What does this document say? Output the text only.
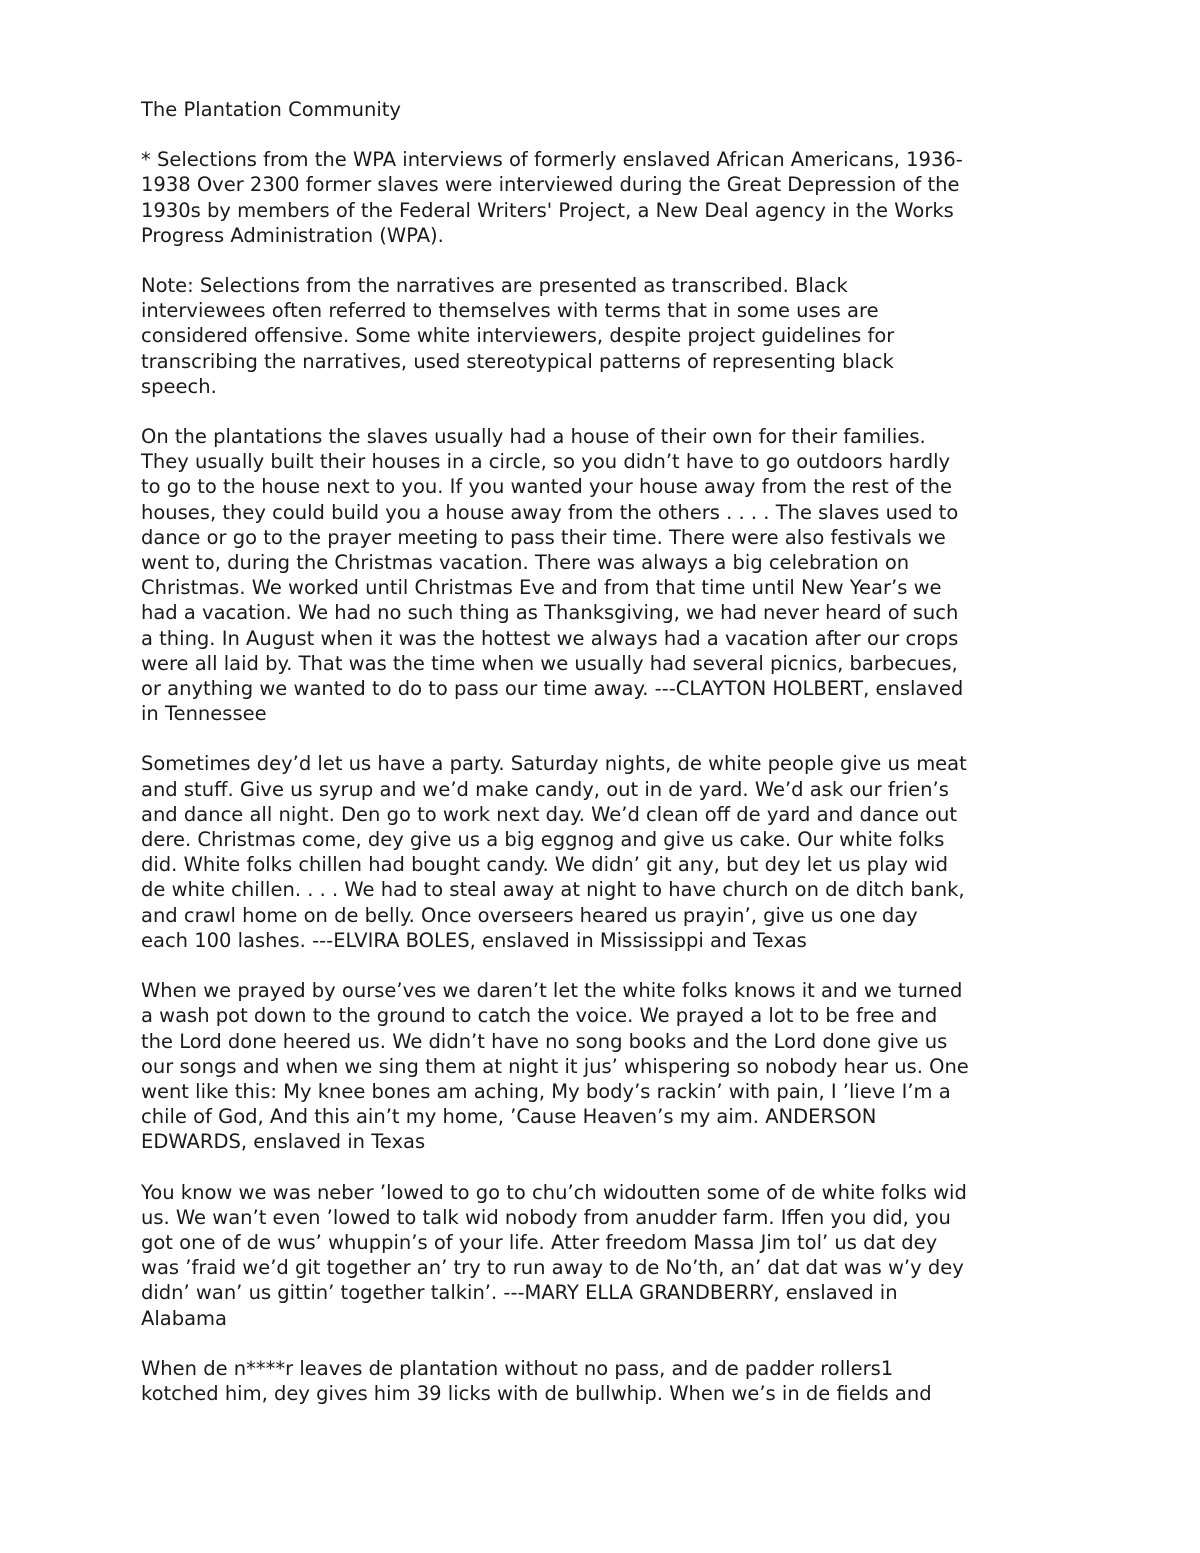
The Plantation Community
* Selections from the WPA interviews of formerly enslaved African Americans, 1936-
1938 Over 2300 former slaves were interviewed during the Great Depression of the
1930s by members of the Federal Writers' Project, a New Deal agency in the Works
Progress Administration (WPA).
Note: Selections from the narratives are presented as transcribed. Black
interviewees often referred to themselves with terms that in some uses are
considered offensive. Some white interviewers, despite project guidelines for
transcribing the narratives, used stereotypical patterns of representing black
speech.
On the plantations the slaves usually had a house of their own for their families.
They usually built their houses in a circle, so you didn’t have to go outdoors hardly
to go to the house next to you. If you wanted your house away from the rest of the
houses, they could build you a house away from the others . . . . The slaves used to
dance or go to the prayer meeting to pass their time. There were also festivals we
went to, during the Christmas vacation. There was always a big celebration on
Christmas. We worked until Christmas Eve and from that time until New Year’s we
had a vacation. We had no such thing as Thanksgiving, we had never heard of such
a thing. In August when it was the hottest we always had a vacation after our crops
were all laid by. That was the time when we usually had several picnics, barbecues,
or anything we wanted to do to pass our time away. ---CLAYTON HOLBERT, enslaved
in Tennessee
Sometimes dey’d let us have a party. Saturday nights, de white people give us meat
and stuff. Give us syrup and we’d make candy, out in de yard. We’d ask our frien’s
and dance all night. Den go to work next day. We’d clean off de yard and dance out
dere. Christmas come, dey give us a big eggnog and give us cake. Our white folks
did. White folks chillen had bought candy. We didn’ git any, but dey let us play wid
de white chillen. . . . We had to steal away at night to have church on de ditch bank,
and crawl home on de belly. Once overseers heared us prayin’, give us one day
each 100 lashes. ---ELVIRA BOLES, enslaved in Mississippi and Texas
When we prayed by ourse’ves we daren’t let the white folks knows it and we turned
a wash pot down to the ground to catch the voice. We prayed a lot to be free and
the Lord done heered us. We didn’t have no song books and the Lord done give us
our songs and when we sing them at night it jus’ whispering so nobody hear us. One
went like this: My knee bones am aching, My body’s rackin’ with pain, I ’lieve I’m a
chile of God, And this ain’t my home, ’Cause Heaven’s my aim. ANDERSON
EDWARDS, enslaved in Texas
You know we was neber ’lowed to go to chu’ch widoutten some of de white folks wid
us. We wan’t even ’lowed to talk wid nobody from anudder farm. Iffen you did, you
got one of de wus’ whuppin’s of your life. Atter freedom Massa Jim tol’ us dat dey
was ’fraid we’d git together an’ try to run away to de No’th, an’ dat dat was w’y dey
didn’ wan’ us gittin’ together talkin’. ---MARY ELLA GRANDBERRY, enslaved in
Alabama
When de n****r leaves de plantation without no pass, and de padder rollers1
kotched him, dey gives him 39 licks with de bullwhip. When we’s in de fields and
